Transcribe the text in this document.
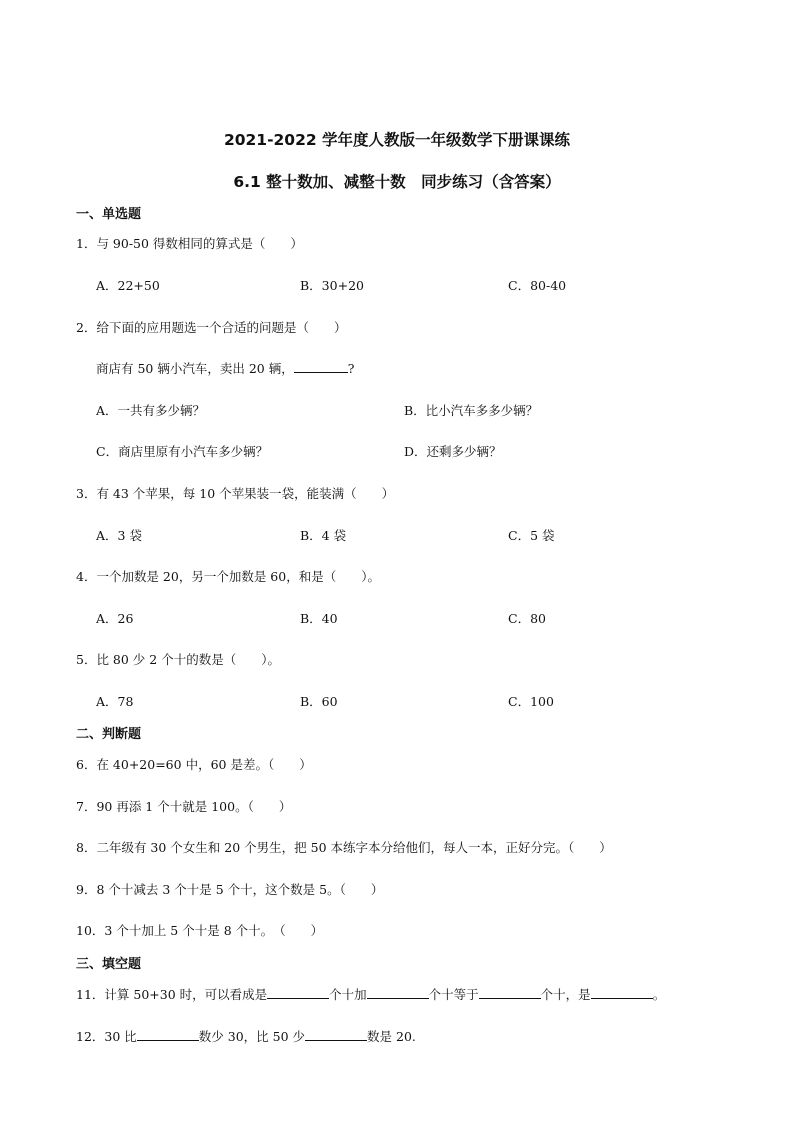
2021-2022 学年度人教版一年级数学下册课课练
6.1 整十数加、减整十数　同步练习（含答案）
一、单选题
1．与 90-50 得数相同的算式是（　　）
A．22+50	B．30+20	C．80-40
2．给下面的应用题选一个合适的问题是（　　）
商店有 50 辆小汽车，卖出 20 辆，	?
A．一共有多少辆？	B．比小汽车多多少辆？
C．商店里原有小汽车多少辆？	D．还剩多少辆？
3．有 43 个苹果，每 10 个苹果装一袋，能装满（　　）
A．3 袋	B．4 袋	C．5 袋
4．一个加数是 20，另一个加数是 60，和是（　　）。
A．26	B．40	C．80
5．比 80 少 2 个十的数是（　　）。
A．78	B．60	C．100
二、判断题
6．在 40+20=60 中，60 是差。（　　）
7．90 再添 1 个十就是 100。（　　）
8．二年级有 30 个女生和 20 个男生，把 50 本练字本分给他们，每人一本，正好分完。（　　）
9．8 个十减去 3 个十是 5 个十，这个数是 5。（　　）
10．3 个十加上 5 个十是 8 个十。　（　　）
三、填空题
11．计算 50+30 时，可以看成是	个十加	个十等于	个十，是	。
12．30 比	数少 30，比 50 少	数是 20.
